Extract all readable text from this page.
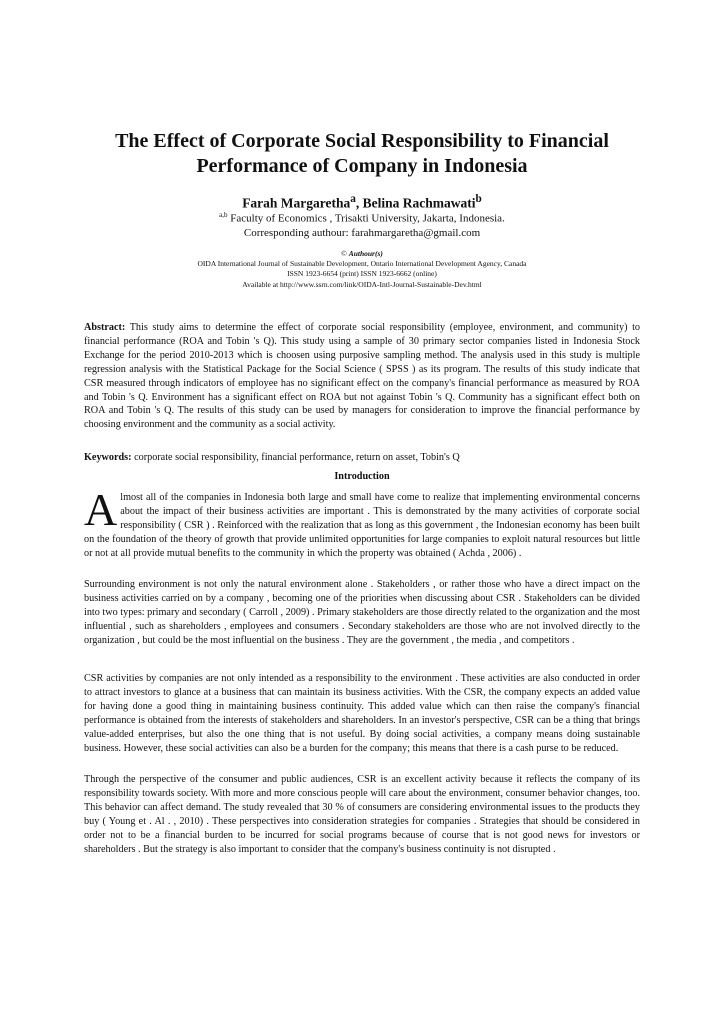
The Effect of Corporate Social Responsibility to Financial
Performance of Company in Indonesia
Farah Margaretha$^a$, Belina Rachmawati$^b$
$^{a,b}$ Faculty of Economics , Trisakti University, Jakarta, Indonesia.
Corresponding authour: farahmargaretha@gmail.com
© Authour(s)
OIDA International Journal of Sustainable Development, Ontario International Development Agency, Canada
ISSN 1923-6654 (print) ISSN 1923-6662 (online)
Available at http://www.ssrn.com/link/OIDA-Intl-Journal-Sustainable-Dev.html
Abstract: This study aims to determine the effect of corporate social responsibility (employee, environment, and community) to financial performance (ROA and Tobin 's Q). This study using a sample of 30 primary sector companies listed in Indonesia Stock Exchange for the period 2010-2013 which is choosen using purposive sampling method. The analysis used in this study is multiple regression analysis with the Statistical Package for the Social Science ( SPSS ) as its program. The results of this study indicate that CSR measured through indicators of employee has no significant effect on the company's financial performance as measured by ROA and Tobin 's Q. Environment has a significant effect on ROA but not against Tobin 's Q. Community has a significant effect both on ROA and Tobin 's Q. The results of this study can be used by managers for consideration to improve the financial performance by choosing environment and the community as a social activity.
Keywords: corporate social responsibility, financial performance, return on asset, Tobin's Q
Introduction
Almost all of the companies in Indonesia both large and small have come to realize that implementing environmental concerns about the impact of their business activities are important . This is demonstrated by the many activities of corporate social responsibility ( CSR ) . Reinforced with the realization that as long as this government , the Indonesian economy has been built on the foundation of the theory of growth that provide unlimited opportunities for large companies to exploit natural resources but little or not at all provide mutual benefits to the community in which the property was obtained ( Achda , 2006) .
Surrounding environment is not only the natural environment alone . Stakeholders , or rather those who have a direct impact on the business activities carried on by a company , becoming one of the priorities when discussing about CSR . Stakeholders can be divided into two types: primary and secondary ( Carroll , 2009) . Primary stakeholders are those directly related to the organization and the most influential , such as shareholders , employees and consumers . Secondary stakeholders are those who are not involved directly to the organization , but could be the most influential on the business . They are the government , the media , and competitors .
CSR activities by companies are not only intended as a responsibility to the environment . These activities are also conducted in order to attract investors to glance at a business that can maintain its business activities. With the CSR, the company expects an added value for having done a good thing in maintaining business continuity. This added value which can then raise the company's financial performance is obtained from the interests of stakeholders and shareholders. In an investor's perspective, CSR can be a thing that brings value-added enterprises, but also the one thing that is not useful. By doing social activities, a company means doing sustainable business. However, these social activities can also be a burden for the company; this means that there is a cash purse to be reduced.
Through the perspective of the consumer and public audiences, CSR is an excellent activity because it reflects the company of its responsibility towards society. With more and more conscious people will care about the environment, consumer behavior changes, too. This behavior can affect demand. The study revealed that 30 % of consumers are considering environmental issues to the products they buy ( Young et . Al . , 2010) . These perspectives into consideration strategies for companies . Strategies that should be considered in order not to be a financial burden to be incurred for social programs because of course that is not good news for investors or shareholders . But the strategy is also important to consider that the company's business continuity is not disrupted .
